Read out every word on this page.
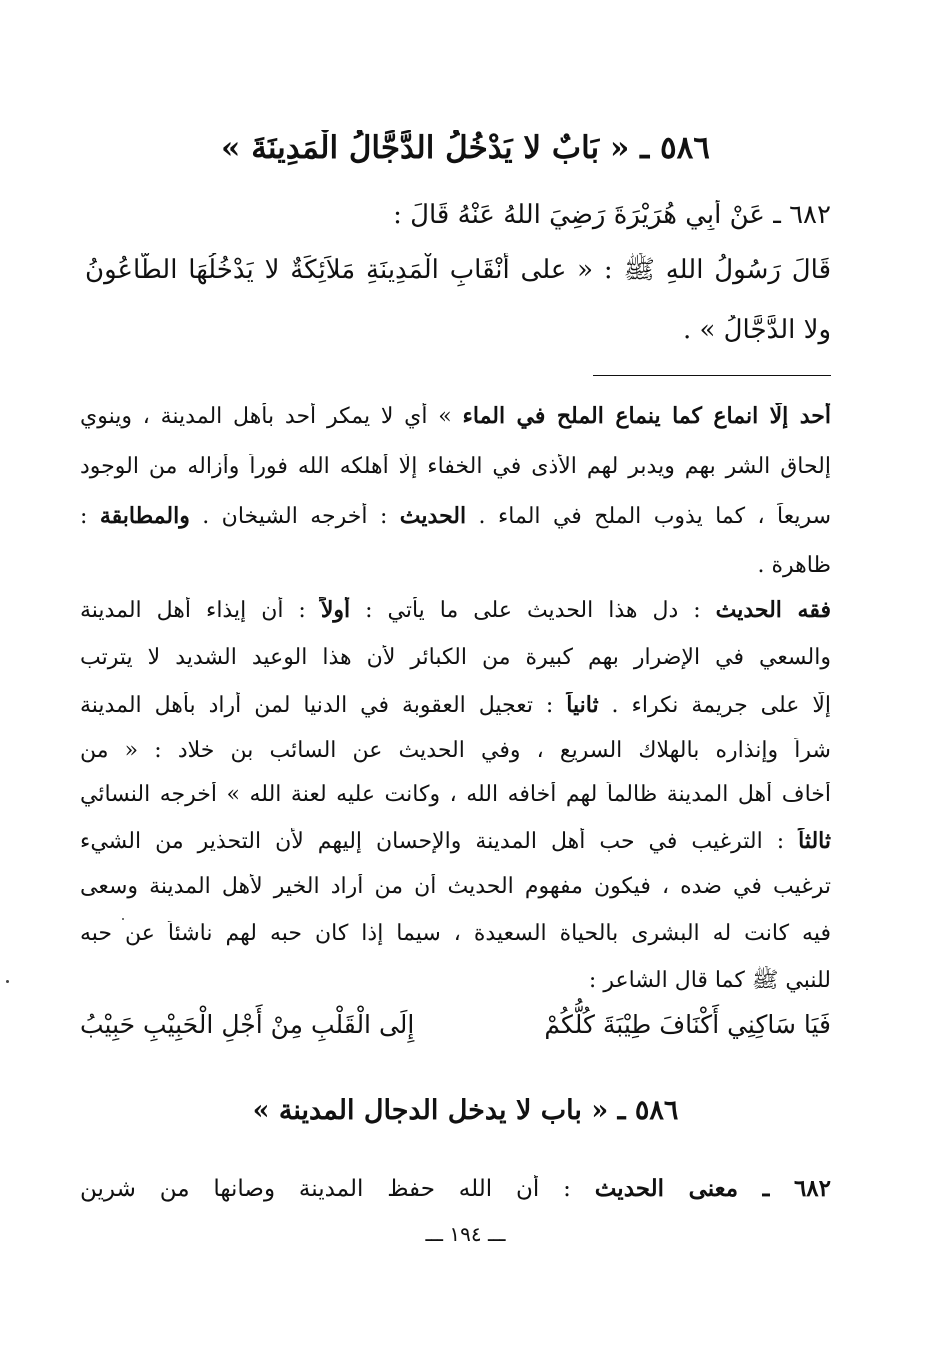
٥٨٦ ـ « بَابٌ لا يَدْخُلُ الدَّجَّالُ الْمَدِينَةَ »
٦٨٢ ـ عَنْ أَبِي هُرَيْرَةَ رَضِيَ اللهُ عَنْهُ قَالَ :
قَالَ رَسُولُ اللهِ ﷺ : « على أَنْقَابِ الْمَدِينَةِ مَلاَئِكَةٌ لا يَدْخُلُهَا الطَّاعُونُ
ولا الدَّجَّالُ » .
أحد إلّا انماع كما ينماع الملح في الماء » أي لا يمكر أحد بأهل المدينة ، وينوي
إلحاق الشر بهم ويدبر لهم الأذى في الخفاء إلّا أهلكه الله فوراً وأزاله من الوجود
سريعاً ، كما يذوب الملح في الماء . الحديث : أخرجه الشيخان . والمطابقة :
ظاهرة .
فقه الحديث : دل هذا الحديث على ما يأتي : أولاً : أن إيذاء أهل المدينة
والسعي في الإضرار بهم كبيرة من الكبائر لأن هذا الوعيد الشديد لا يترتب
إلّا على جريمة نكراء . ثانياً : تعجيل العقوبة في الدنيا لمن أراد بأهل المدينة
شراً وإنذاره بالهلاك السريع ، وفي الحديث عن السائب بن خلاد : « من
أخاف أهل المدينة ظالماً لهم أخافه الله ، وكانت عليه لعنة الله » أخرجه النسائي
ثالثاً : الترغيب في حب أهل المدينة والإحسان إليهم لأن التحذير من الشيء
ترغيب في ضده ، فيكون مفهوم الحديث أن من أراد الخير لأهل المدينة وسعى
فيه كانت له البشرى بالحياة السعيدة ، سيما إذا كان حبه لهم ناشئاً عن حبه
للنبي ﷺ كما قال الشاعر :
فَيَا سَاكِنِي أَكْنَافَ طِيْبَةَ كُلُّكُمْ
إِلَى الْقَلْبِ مِنْ أَجْلِ الْحَبِيْبِ حَبِيْبُ
٥٨٦ ـ « باب لا يدخل الدجال المدينة »
٦٨٢ ـ معنى الحديث : أن الله حفظ المدينة وصانها من شرين
ـــ ١٩٤ ـــ
